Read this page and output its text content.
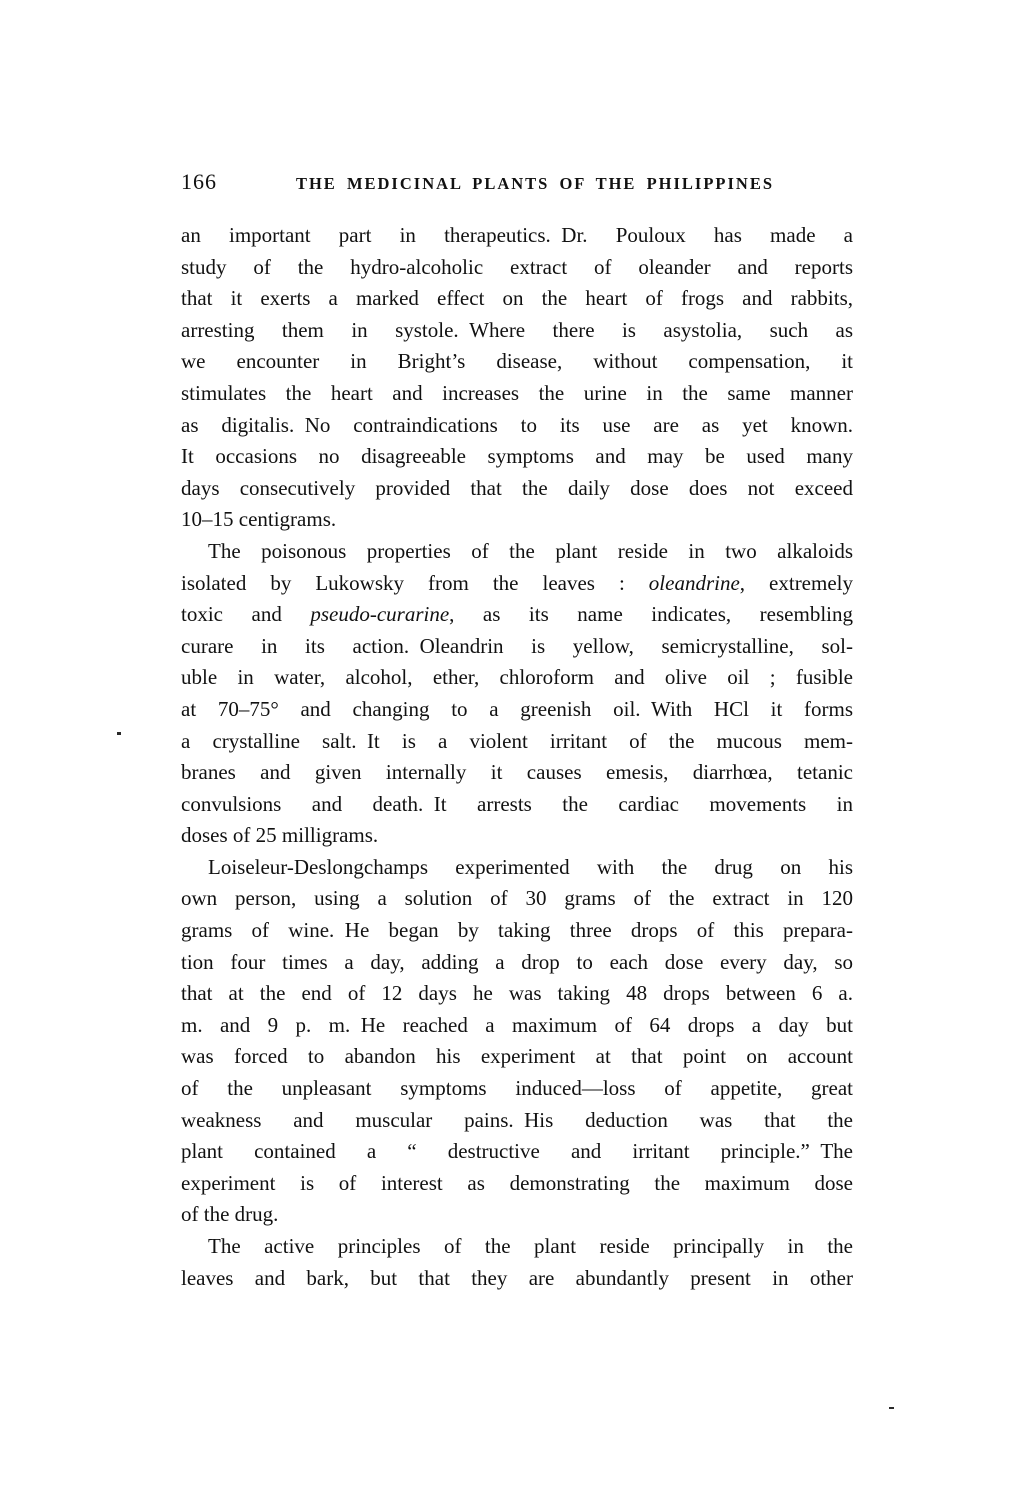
166	THE MEDICINAL PLANTS OF THE PHILIPPINES
an important part in therapeutics. Dr. Pouloux has made a
study of the hydro-alcoholic extract of oleander and reports
that it exerts a marked effect on the heart of frogs and rabbits,
arresting them in systole. Where there is asystolia, such as
we encounter in Bright’s disease, without compensation, it
stimulates the heart and increases the urine in the same manner
as digitalis. No contraindications to its use are as yet known.
It occasions no disagreeable symptoms and may be used many
days consecutively provided that the daily dose does not exceed
10–15 centigrams.
The poisonous properties of the plant reside in two alkaloids
isolated by Lukowsky from the leaves : oleandrine, extremely
toxic and pseudo-curarine, as its name indicates, resembling
curare in its action. Oleandrin is yellow, semicrystalline, sol-
uble in water, alcohol, ether, chloroform and olive oil ; fusible
at 70–75° and changing to a greenish oil. With HCl it forms
a crystalline salt. It is a violent irritant of the mucous mem-
branes and given internally it causes emesis, diarrhœa, tetanic
convulsions and death. It arrests the cardiac movements in
doses of 25 milligrams.
Loiseleur-Deslongchamps experimented with the drug on his
own person, using a solution of 30 grams of the extract in 120
grams of wine. He began by taking three drops of this prepara-
tion four times a day, adding a drop to each dose every day, so
that at the end of 12 days he was taking 48 drops between 6 a.
m. and 9 p. m. He reached a maximum of 64 drops a day but
was forced to abandon his experiment at that point on account
of the unpleasant symptoms induced—loss of appetite, great
weakness and muscular pains. His deduction was that the
plant contained a “ destructive and irritant principle.” The
experiment is of interest as demonstrating the maximum dose
of the drug.
The active principles of the plant reside principally in the
leaves and bark, but that they are abundantly present in other
